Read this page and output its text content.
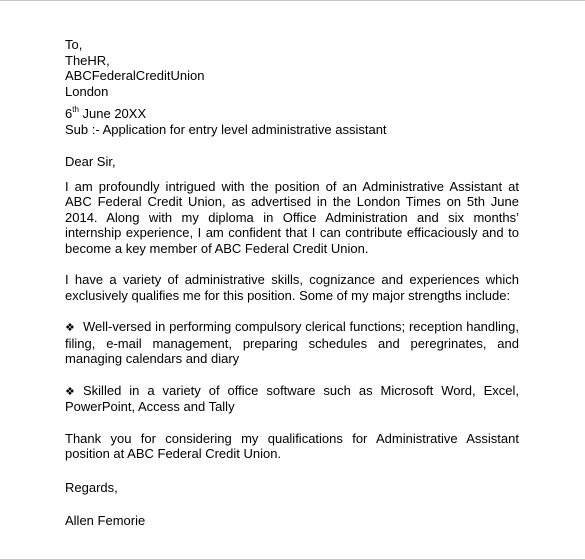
To,
TheHR,
ABCFederalCreditUnion
London
6th June 20XX
Sub :- Application for entry level administrative assistant

Dear Sir,

I am profoundly intrigued with the position of an Administrative Assistant at ABC Federal Credit Union, as advertised in the London Times on 5th June 2014. Along with my diploma in Office Administration and six months’ internship experience, I am confident that I can contribute efficaciously and to become a key member of ABC Federal Credit Union.

I have a variety of administrative skills, cognizance and experiences which exclusively qualifies me for this position. Some of my major strengths include:

❖ Well-versed in performing compulsory clerical functions; reception handling, filing, e-mail management, preparing schedules and peregrinates, and managing calendars and diary

❖ Skilled in a variety of office software such as Microsoft Word, Excel, PowerPoint, Access and Tally

Thank you for considering my qualifications for Administrative Assistant position at ABC Federal Credit Union.

Regards,

Allen Femorie
